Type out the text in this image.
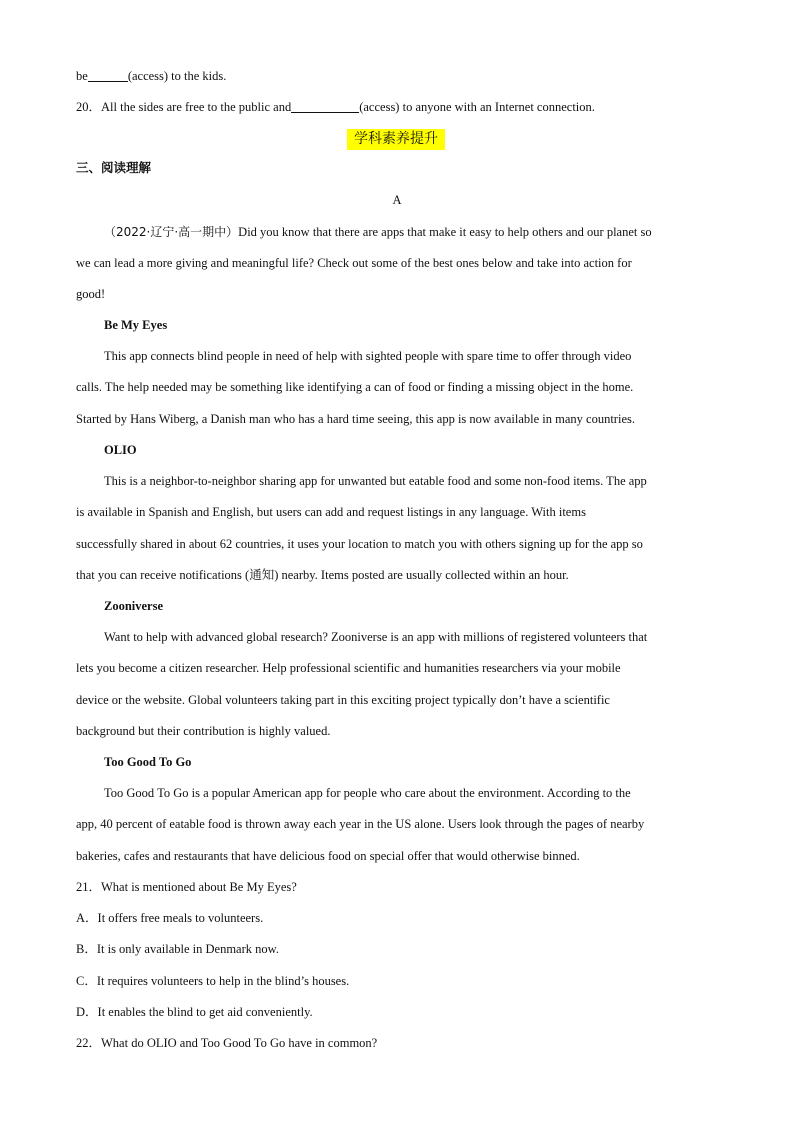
be	(access) to the kids.
20．All the sides are free to the public and	(access) to anyone with an Internet connection.
学科素养提升
三、阅读理解
A
（2022·辽宁·高一期中）Did you know that there are apps that make it easy to help others and our planet so
we can lead a more giving and meaningful life? Check out some of the best ones below and take into action for
good!
Be My Eyes
This app connects blind people in need of help with sighted people with spare time to offer through video
calls. The help needed may be something like identifying a can of food or finding a missing object in the home.
Started by Hans Wiberg, a Danish man who has a hard time seeing, this app is now available in many countries.
OLIO
This is a neighbor-to-neighbor sharing app for unwanted but eatable food and some non-food items. The app
is available in Spanish and English, but users can add and request listings in any language. With items
successfully shared in about 62 countries, it uses your location to match you with others signing up for the app so
that you can receive notifications (通知) nearby. Items posted are usually collected within an hour.
Zooniverse
Want to help with advanced global research? Zooniverse is an app with millions of registered volunteers that
lets you become a citizen researcher. Help professional scientific and humanities researchers via your mobile
device or the website. Global volunteers taking part in this exciting project typically don’t have a scientific
background but their contribution is highly valued.
Too Good To Go
Too Good To Go is a popular American app for people who care about the environment. According to the
app, 40 percent of eatable food is thrown away each year in the US alone. Users look through the pages of nearby
bakeries, cafes and restaurants that have delicious food on special offer that would otherwise binned.
21．What is mentioned about Be My Eyes?
A．It offers free meals to volunteers.
B．It is only available in Denmark now.
C．It requires volunteers to help in the blind’s houses.
D．It enables the blind to get aid conveniently.
22．What do OLIO and Too Good To Go have in common?
